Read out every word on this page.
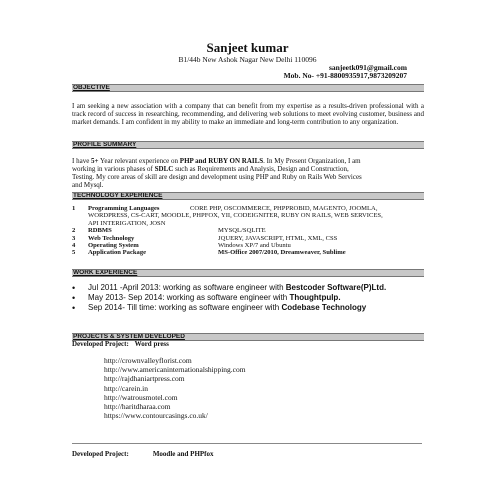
Sanjeet kumar
B1/44b New Ashok Nagar New Delhi 110096
sanjeetk091@gmail.com
Mob. No- +91-8800935917,9873209207
OBJECTIVE
I am seeking a new association with a company that can benefit from my expertise as a results-driven professional with a track record of success in researching, recommending, and delivering web solutions to meet evolving customer, business and market demands. I am confident in my ability to make an immediate and long-term contribution to any organization.
PROFILE SUMMARY
I have 5+ Year relevant experience on PHP and RUBY ON RAILS. In My Present Organization, I am
working in various phases of SDLC such as Requirements and Analysis, Design and Construction,
Testing. My core areas of skill are design and development using PHP and Ruby on Rails Web Services
and Mysql.
TECHNOLOGY EXPERIENCE
1	Programming Languages	CORE PHP, OSCOMMERCE, PHPPROBID, MAGENTO, JOOMLA,
WORDPRESS, CS-CART, MOODLE, PHPFOX, YII, CODEIGNITER, RUBY ON RAILS, WEB SERVICES,
API INTERIGATION, JOSN
2	RDBMS	MYSQL/SQLITE
3	Web Technology	JQUERY, JAVASCRIPT, HTML, XML, CSS
4	Operating System	Windows XP/7 and Ubuntu
5	Application Package	MS-Office 2007/2010, Dreamweaver, Sublime
WORK EXPERIENCE
•	Jul 2011 -April 2013: working as software engineer with Bestcoder Software(P)Ltd.
•	May 2013- Sep 2014: working as software engineer with Thoughtpulp.
•	Sep 2014- Till time: working as software engineer with Codebase Technology
PROJECTS & SYSTEM DEVELOPED
Developed Project: Word press
http://crownvalleyflorist.com
http://www.americaninternationalshipping.com
http://rajdhaniartpress.com
http://carein.in
http://watrousmotel.com
http://haritdharaa.com
https://www.contourcasings.co.uk/
Developed Project:	Moodle and PHPfox
